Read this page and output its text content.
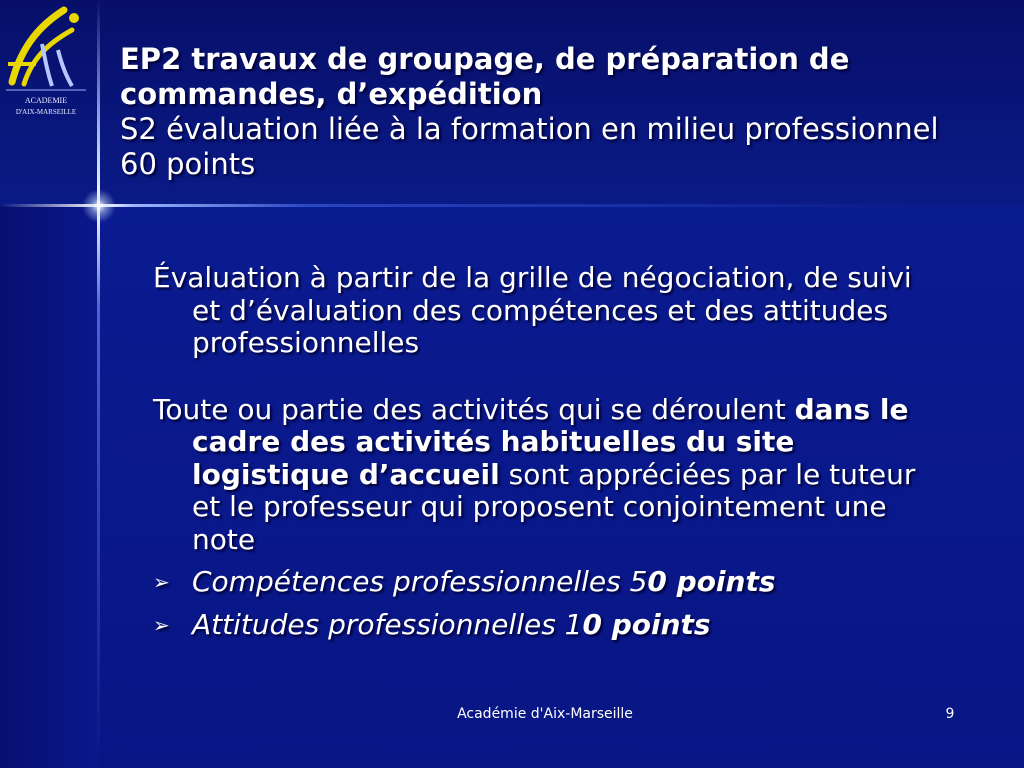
ACADEMIE
D'AIX-MARSEILLE
EP2 travaux de groupage, de préparation de commandes, d’expédition
S2 évaluation liée à la formation en milieu professionnel
60 points
Évaluation à partir de la grille de négociation, de suivi et d’évaluation des compétences et des attitudes professionnelles
Toute ou partie des activités qui se déroulent dans le cadre des activités habituelles du site logistique d’accueil sont appréciées par le tuteur et le professeur qui proposent conjointement une note
➢ Compétences professionnelles 50 points
➢ Attitudes professionnelles 10 points
Académie d'Aix-Marseille	9
